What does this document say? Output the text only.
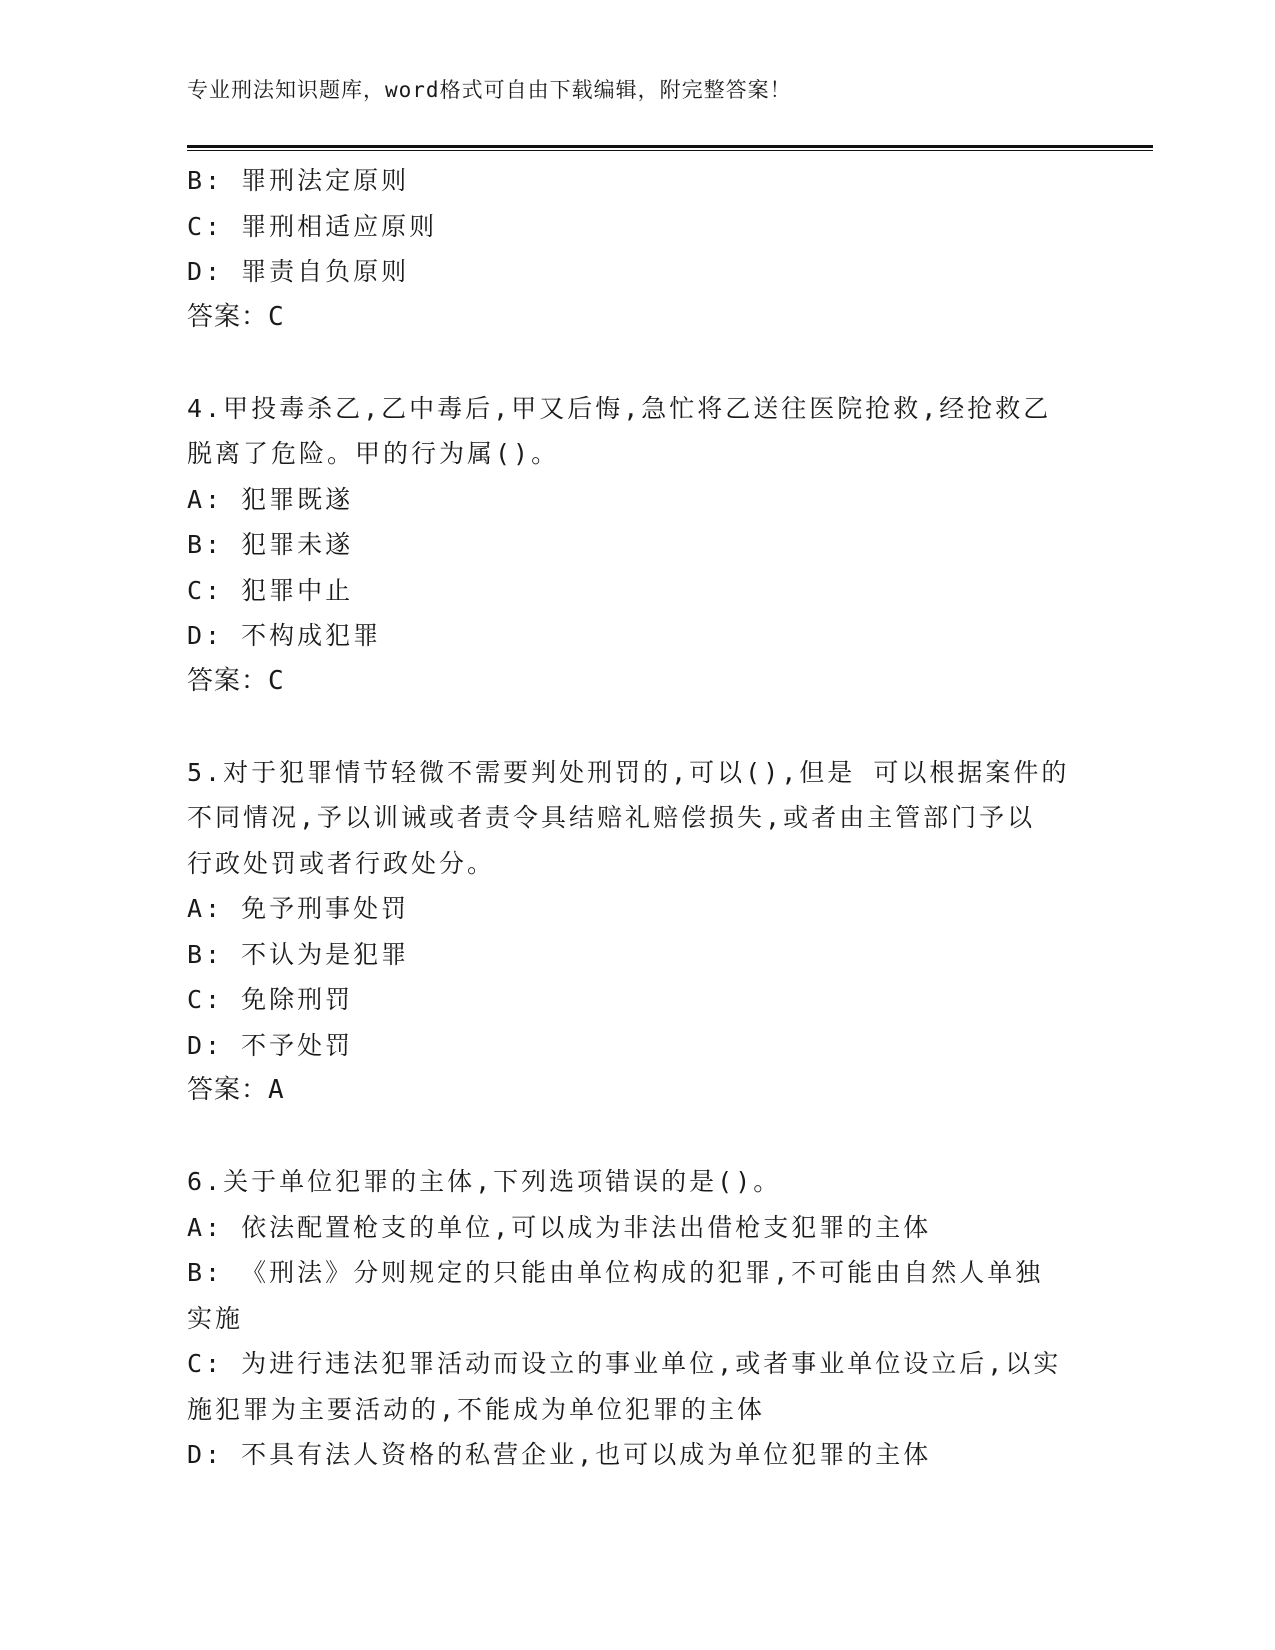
专业刑法知识题库，word格式可自由下载编辑，附完整答案！
B: 罪刑法定原则
C: 罪刑相适应原则
D: 罪责自负原则
答案：C
4.甲投毒杀乙,乙中毒后,甲又后悔,急忙将乙送往医院抢救,经抢救乙
脱离了危险。甲的行为属()。
A: 犯罪既遂
B: 犯罪未遂
C: 犯罪中止
D: 不构成犯罪
答案：C
5.对于犯罪情节轻微不需要判处刑罚的,可以(),但是 可以根据案件的
不同情况,予以训诫或者责令具结赔礼赔偿损失,或者由主管部门予以
行政处罚或者行政处分。
A: 免予刑事处罚
B: 不认为是犯罪
C: 免除刑罚
D: 不予处罚
答案：A
6.关于单位犯罪的主体,下列选项错误的是()。
A: 依法配置枪支的单位,可以成为非法出借枪支犯罪的主体
B: 《刑法》分则规定的只能由单位构成的犯罪,不可能由自然人单独
实施
C: 为进行违法犯罪活动而设立的事业单位,或者事业单位设立后,以实
施犯罪为主要活动的,不能成为单位犯罪的主体
D: 不具有法人资格的私营企业,也可以成为单位犯罪的主体
